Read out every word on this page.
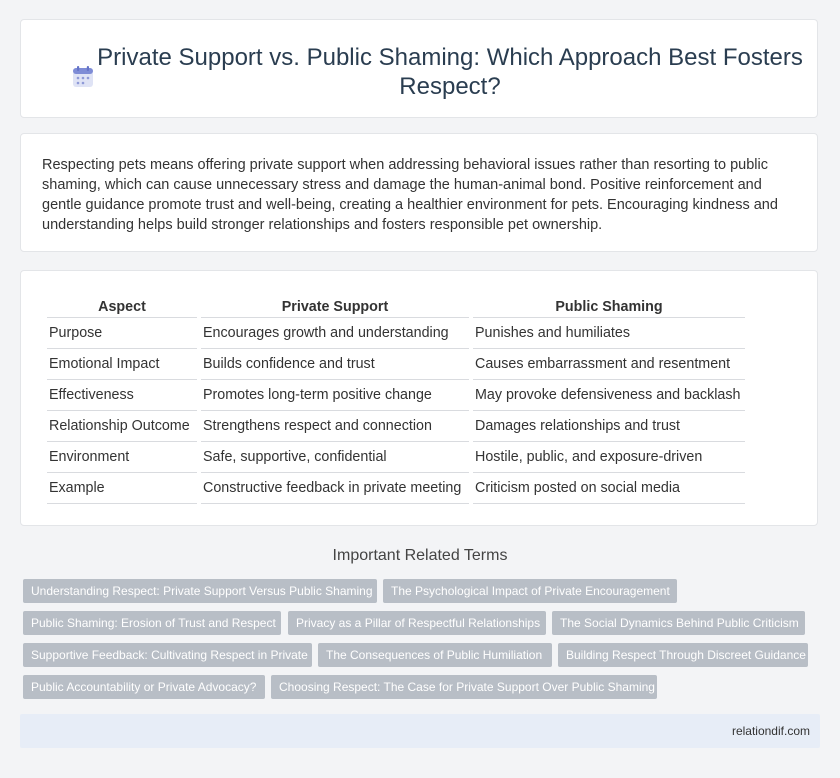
Private Support vs. Public Shaming: Which Approach Best Fosters Respect?

Respecting pets means offering private support when addressing behavioral issues rather than resorting to public shaming, which can cause unnecessary stress and damage the human-animal bond. Positive reinforcement and gentle guidance promote trust and well-being, creating a healthier environment for pets. Encouraging kindness and understanding helps build stronger relationships and fosters responsible pet ownership.

Aspect	Private Support	Public Shaming
Purpose	Encourages growth and understanding	Punishes and humiliates
Emotional Impact	Builds confidence and trust	Causes embarrassment and resentment
Effectiveness	Promotes long-term positive change	May provoke defensiveness and backlash
Relationship Outcome	Strengthens respect and connection	Damages relationships and trust
Environment	Safe, supportive, confidential	Hostile, public, and exposure-driven
Example	Constructive feedback in private meeting	Criticism posted on social media
Important Related Terms
Understanding Respect: Private Support Versus Public Shaming	The Psychological Impact of Private Encouragement
Public Shaming: Erosion of Trust and Respect	Privacy as a Pillar of Respectful Relationships	The Social Dynamics Behind Public Criticism
Supportive Feedback: Cultivating Respect in Private	The Consequences of Public Humiliation	Building Respect Through Discreet Guidance
Public Accountability or Private Advocacy?	Choosing Respect: The Case for Private Support Over Public Shaming
relationdif.com
